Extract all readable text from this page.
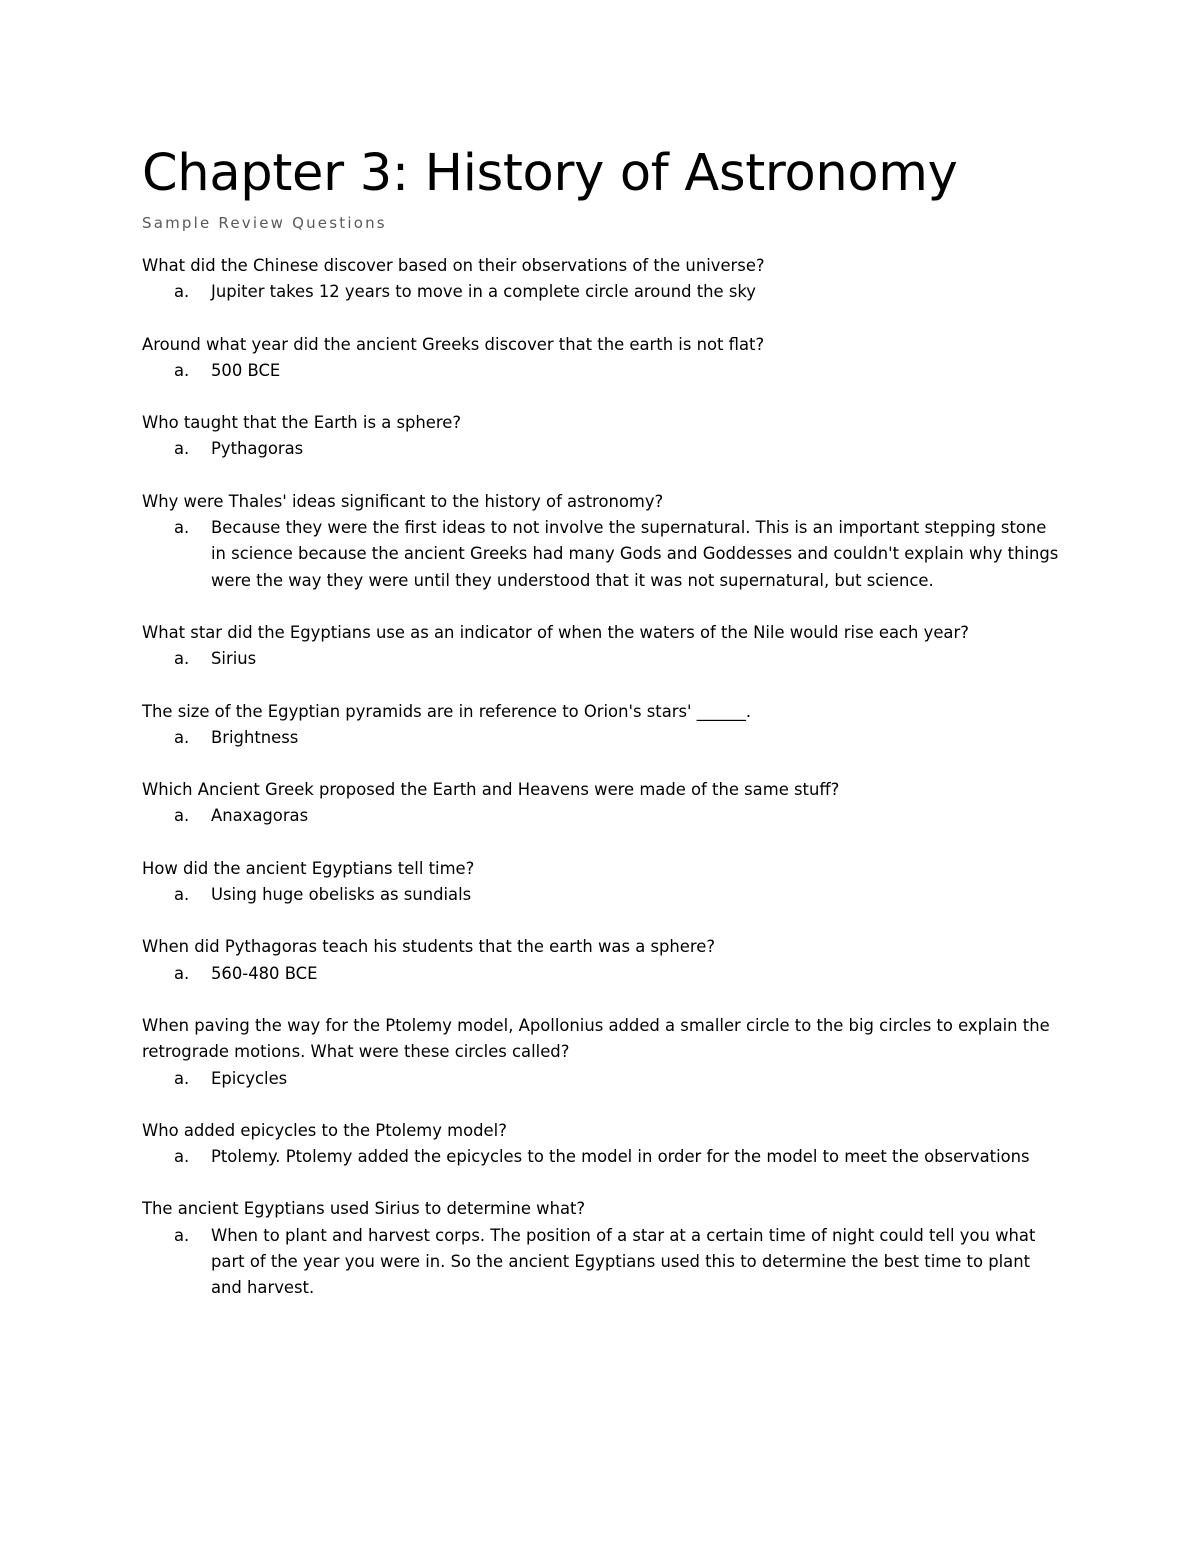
Chapter 3: History of Astronomy

Sample Review Questions

What did the Chinese discover based on their observations of the universe?

a.	Jupiter takes 12 years to move in a complete circle around the sky

Around what year did the ancient Greeks discover that the earth is not flat?

a.	500 BCE

Who taught that the Earth is a sphere?

a.	Pythagoras

Why were Thales' ideas significant to the history of astronomy?

a.	Because they were the first ideas to not involve the supernatural. This is an important stepping stone in science because the ancient Greeks had many Gods and Goddesses and couldn't explain why things were the way they were until they understood that it was not supernatural, but science.

What star did the Egyptians use as an indicator of when the waters of the Nile would rise each year?

a.	Sirius

The size of the Egyptian pyramids are in reference to Orion's stars' ______.

a.	Brightness

Which Ancient Greek proposed the Earth and Heavens were made of the same stuff?

a.	Anaxagoras

How did the ancient Egyptians tell time?

a.	Using huge obelisks as sundials

When did Pythagoras teach his students that the earth was a sphere?

a.	560-480 BCE

When paving the way for the Ptolemy model, Apollonius added a smaller circle to the big circles to explain the retrograde motions. What were these circles called?

a.	Epicycles

Who added epicycles to the Ptolemy model?

a.	Ptolemy. Ptolemy added the epicycles to the model in order for the model to meet the observations

The ancient Egyptians used Sirius to determine what?

a.	When to plant and harvest corps. The position of a star at a certain time of night could tell you what part of the year you were in. So the ancient Egyptians used this to determine the best time to plant and harvest.
